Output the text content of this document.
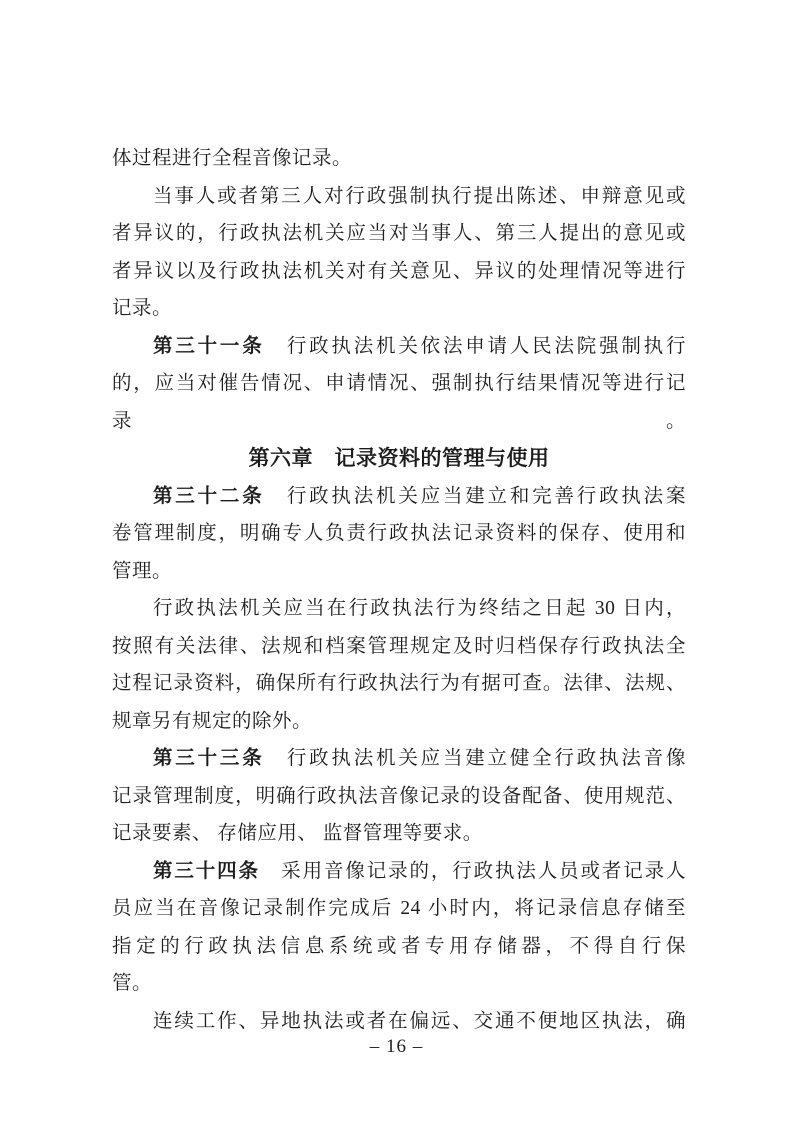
体过程进行全程音像记录。
当事人或者第三人对行政强制执行提出陈述、申辩意见或
者异议的，行政执法机关应当对当事人、第三人提出的意见或
者异议以及行政执法机关对有关意见、异议的处理情况等进行
记录。
第三十一条　行政执法机关依法申请人民法院强制执行
的，应当对催告情况、申请情况、强制执行结果情况等进行记录。
第六章　记录资料的管理与使用
第三十二条　行政执法机关应当建立和完善行政执法案
卷管理制度，明确专人负责行政执法记录资料的保存、使用和
管理。
行政执法机关应当在行政执法行为终结之日起 30 日内，
按照有关法律、法规和档案管理规定及时归档保存行政执法全
过程记录资料，确保所有行政执法行为有据可查。法律、法规、
规章另有规定的除外。
第三十三条　行政执法机关应当建立健全行政执法音像
记录管理制度，明确行政执法音像记录的设备配备、使用规范、
记录要素、 存储应用、 监督管理等要求。
第三十四条　采用音像记录的，行政执法人员或者记录人
员应当在音像记录制作完成后 24 小时内，将记录信息存储至
指定的行政执法信息系统或者专用存储器，不得自行保
管。
连续工作、异地执法或者在偏远、交通不便地区执法，确
– 16 –
